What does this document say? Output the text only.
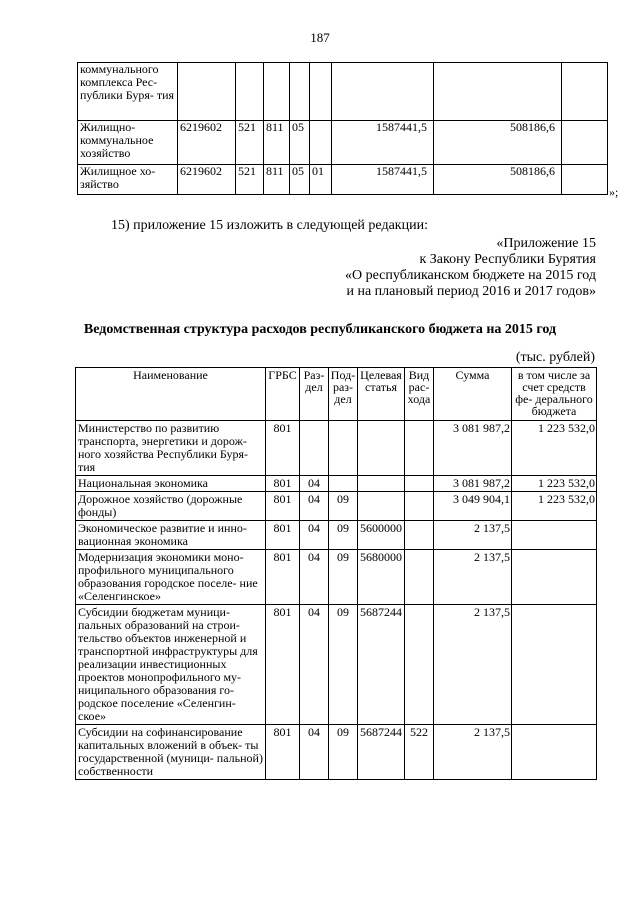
187
коммунального комплекса Рес- публики Буря- тия								
Жилищно- коммунальное хозяйство	6219602	521	811	05		1587441,5	508186,6	
Жилищное хо- зяйство	6219602	521	811	05	01	1587441,5	508186,6	
»;
15) приложение 15 изложить в следующей редакции:
«Приложение 15
к Закону Республики Бурятия
«О республиканском бюджете на 2015 год
и на плановый период 2016 и 2017 годов»
Ведомственная структура расходов республиканского бюджета на 2015 год
(тыс. рублей)
Наименование	ГРБС	Раз- дел	Под- раз- дел	Целевая статья	Вид рас- хода	Сумма	в том числе за счет средств фе- дерального бюджета
Министерство по развитию транспорта, энергетики и дорож- ного хозяйства Республики Буря- тия	801					3 081 987,2	1 223 532,0
Национальная экономика	801	04				3 081 987,2	1 223 532,0
Дорожное хозяйство (дорожные фонды)	801	04	09			3 049 904,1	1 223 532,0
Экономическое развитие и инно- вационная экономика	801	04	09	5600000		2 137,5	
Модернизация экономики моно- профильного муниципального образования городское поселе- ние «Селенгинское»	801	04	09	5680000		2 137,5	
Субсидии бюджетам муници- пальных образований на строи- тельство объектов инженерной и транспортной инфраструктуры для реализации инвестиционных проектов монопрофильного му- ниципального образования го- родское поселение «Селенгин- ское»	801	04	09	5687244		2 137,5	
Субсидии на софинансирование капитальных вложений в объек- ты государственной (муници- пальной) собственности	801	04	09	5687244	522	2 137,5	
